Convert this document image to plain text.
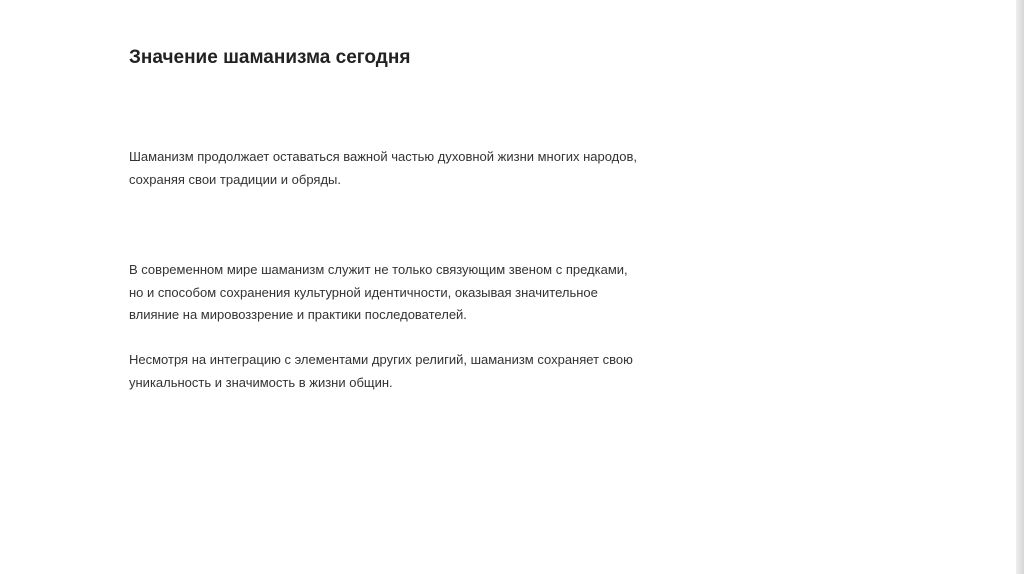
Значение шаманизма сегодня

Шаманизм продолжает оставаться важной частью духовной жизни многих народов,
сохраняя свои традиции и обряды.

В современном мире шаманизм служит не только связующим звеном с предками,
но и способом сохранения культурной идентичности, оказывая значительное
влияние на мировоззрение и практики последователей.

Несмотря на интеграцию с элементами других религий, шаманизм сохраняет свою
уникальность и значимость в жизни общин.
